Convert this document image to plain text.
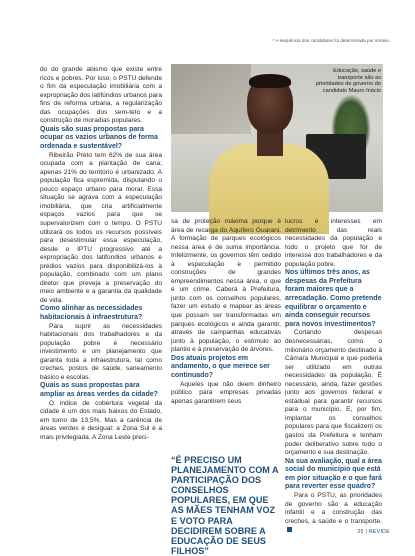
* A sequência dos candidatos foi determinada por sorteio.
Educação, saúde e transporte são as prioridades de governo do candidato Mauro Inácio

do do grande abismo que existe entre ricos e pobres. Por isso, o PSTU defende o fim da especulação imobiliária com a expropriação dos latifúndios urbanos para fins de reforma urbana, a regularização das ocupações dos sem-teto e a construção de moradias populares.

Quais são suas propostas para ocupar os vazios urbanos de forma ordenada e sustentável?

Ribeirão Preto tem 62% de sua área ocupada com a plantação de cana; apenas 21% do território é urbanizado. A população fica espremida, disputando o pouco espaço urbano para morar. Essa situação se agrava com a especulação imobiliária, que cria artificialmente espaços vazios para que se supervalorizem com o tempo. O PSTU utilizará os todos os recursos possíveis para desestimular essa especulação, desde o IPTU progressivo até a expropriação dos latifúndios urbanos e prédios vazios para disponibilizá-los à população, combinado com um plano diretor que preveja a preservação do meio ambiente e a garantia da qualidade de vida.

Como alinhar as necessidades habitacionais à infraestrutura?

Para suprir as necessidades habitacionais dos trabalhadores e da população pobre é necessário investimento e um planejamento que garanta toda a infraestrutura, tal como creches, postos de saúde, saneamento básico e escolas.

Quais as suas propostas para ampliar as áreas verdes da cidade?

O índice de cobertura vegetal da cidade é um dos mais baixos do Estado, em torno de 13,5%. Mas a carência de áreas verdes é desigual: a Zona Sul é a mais privilegiada. A Zona Leste preci-

sa de proteção máxima porque é área de recarga do Aquífero Guarani. A formação de parques ecológicos nessa área é de suma importância. Infelizmente, os governos têm cedido à especulação e permitido construções de grandes empreendimentos nessa área, o que é um crime. Caberá à Prefeitura, junto com os conselhos populares, fazer um estudo e mapear as áreas que possam ser transformadas em parques ecológicos e ainda garantir, através de campanhas educativas junto à população, o estímulo ao plantio e à preservação de árvores.

Dos atuais projetos em andamento, o que merece ser continuado?

Aqueles que não deem dinheiro público para empresas privadas apenas garantirem seus

“É PRECISO UM PLANEJAMENTO COM A PARTICIPAÇÃO DOS CONSELHOS POPULARES, EM QUE AS MÃES TENHAM VOZ E VOTO PARA DECIDIREM SOBRE A EDUCAÇÃO DE SEUS FILHOS”

lucros e interesses em detrimento das reais necessidades da população e todo o projeto que for de interesse dos trabalhadores e da população pobre.

Nos últimos três anos, as despesas da Prefeitura foram maiores que a arrecadação. Como pretende equilibrar o orçamento e ainda conseguir recursos para novos investimentos?

Cortando despesas desnecessárias, como o milionário orçamento destinado à Câmara Municipal e que poderia ser utilizado em outras necessidades da população. É necessário, ainda, fazer gestões junto aos governos federal e estadual para garantir recursos para o município. E, por fim, implantar os conselhos populares para que fiscalizem os gastos da Prefeitura e tenham poder deliberativo sobre todo o orçamento e sua destinação.

Na sua avaliação, qual a área social do município que está em pior situação e o que fará para reverter esse quadro?

Para o PSTU, as prioridades de governo são a educação infantil e a construção das creches, a saúde e o transporte.

25 | REVIDE
